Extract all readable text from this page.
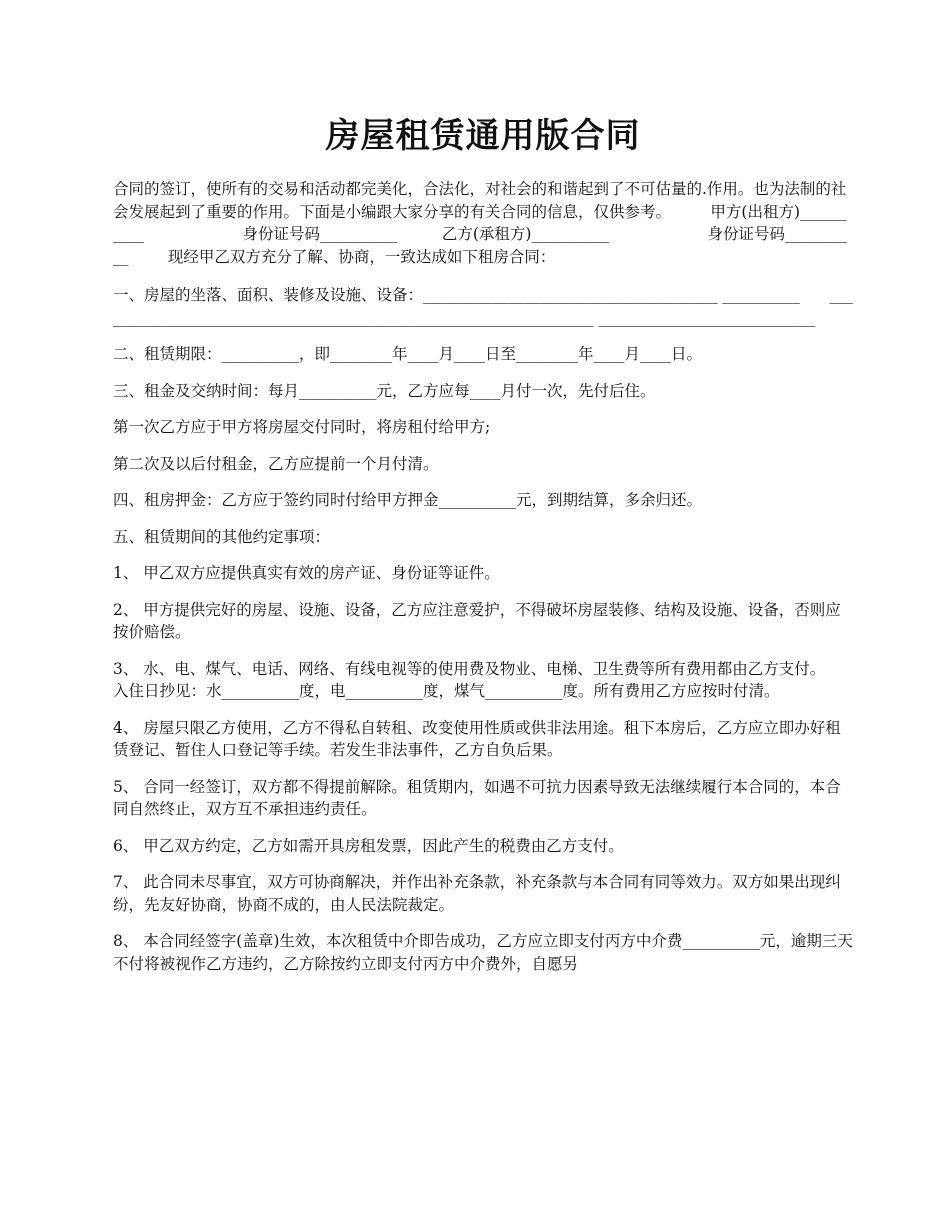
房屋租赁通用版合同

合同的签订，使所有的交易和活动都完美化，合法化，对社会的和谐起到了不可估量的.作用。也为法制的社会发展起到了重要的作用。下面是小编跟大家分享的有关合同的信息，仅供参考。        甲方(出租方)__________                    身份证号码__________         乙方(承租方)__________                    身份证号码__________        现经甲乙双方充分了解、协商，一致达成如下租房合同：

一、房屋的坐落、面积、装修及设施、设备：______________________________________ __________      _________________________________________________________________ ____________________________

二、租赁期限：__________，即________年____月____日至________年____月____日。

三、租金及交纳时间：每月__________元，乙方应每____月付一次，先付后住。

第一次乙方应于甲方将房屋交付同时，将房租付给甲方;

第二次及以后付租金，乙方应提前一个月付清。

四、租房押金：乙方应于签约同时付给甲方押金__________元，到期结算，多余归还。

五、租赁期间的其他约定事项：

1、 甲乙双方应提供真实有效的房产证、身份证等证件。

2、 甲方提供完好的房屋、设施、设备，乙方应注意爱护，不得破坏房屋装修、结构及设施、设备，否则应按价赔偿。

3、 水、电、煤气、电话、网络、有线电视等的使用费及物业、电梯、卫生费等所有费用都由乙方支付。        入住日抄见：水__________度，电__________度，煤气__________度。所有费用乙方应按时付清。

4、 房屋只限乙方使用，乙方不得私自转租、改变使用性质或供非法用途。租下本房后，乙方应立即办好租赁登记、暂住人口登记等手续。若发生非法事件，乙方自负后果。

5、 合同一经签订，双方都不得提前解除。租赁期内，如遇不可抗力因素导致无法继续履行本合同的，本合同自然终止，双方互不承担违约责任。

6、 甲乙双方约定，乙方如需开具房租发票，因此产生的税费由乙方支付。

7、 此合同未尽事宜，双方可协商解决，并作出补充条款，补充条款与本合同有同等效力。双方如果出现纠纷，先友好协商，协商不成的，由人民法院裁定。

8、 本合同经签字(盖章)生效，本次租赁中介即告成功，乙方应立即支付丙方中介费__________元，逾期三天不付将被视作乙方违约，乙方除按约立即支付丙方中介费外，自愿另
